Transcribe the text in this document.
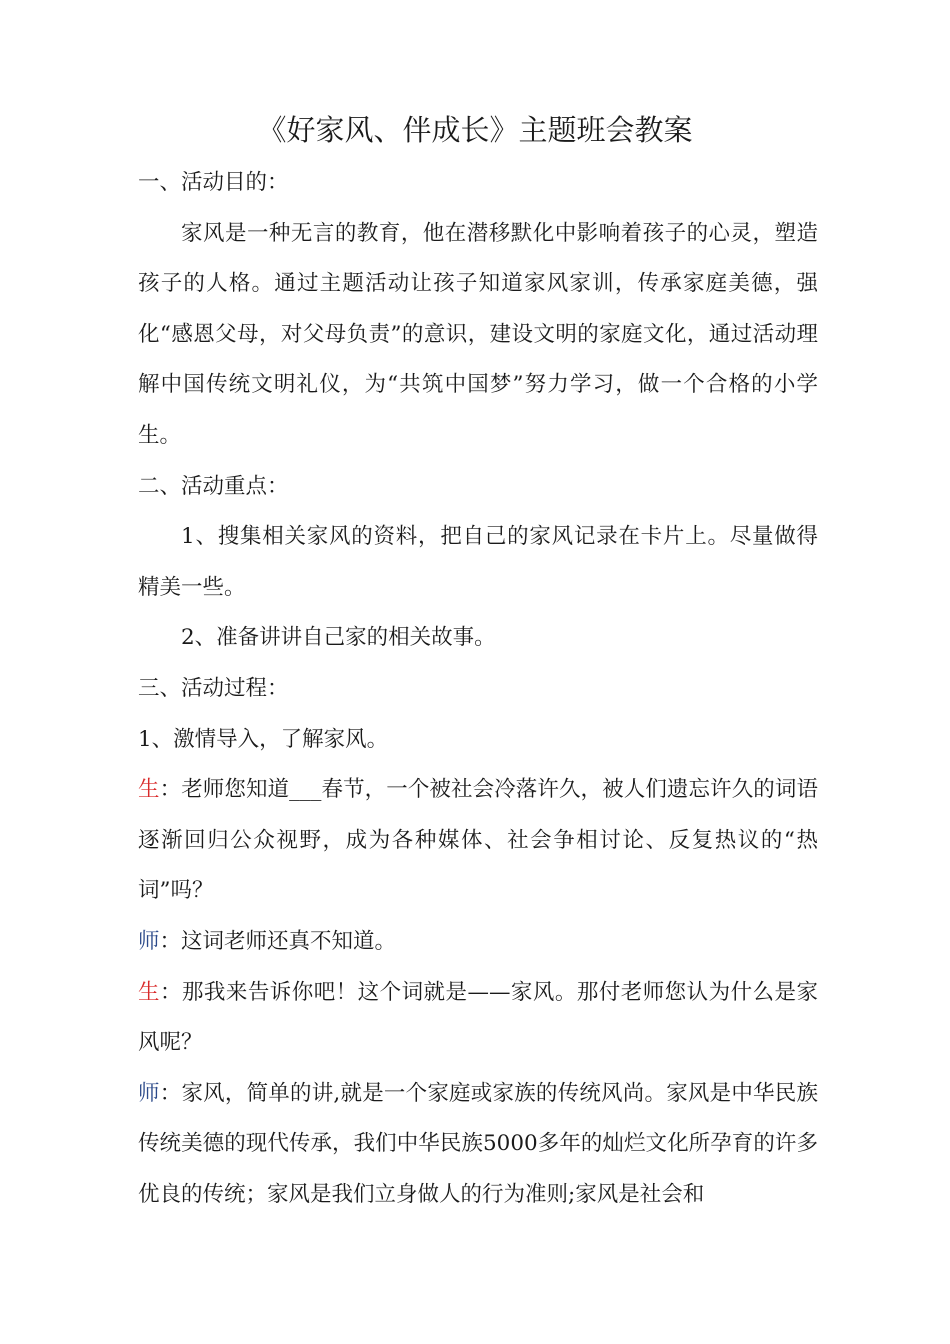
《好家风、伴成长》主题班会教案

一、活动目的：

家风是一种无言的教育，他在潜移默化中影响着孩子的心灵，塑造孩子的人格。通过主题活动让孩子知道家风家训，传承家庭美德，强化“感恩父母，对父母负责”的意识，建设文明的家庭文化，通过活动理解中国传统文明礼仪，为“共筑中国梦”努力学习，做一个合格的小学生。

二、活动重点：

1、搜集相关家风的资料，把自己的家风记录在卡片上。尽量做得精美一些。

2、准备讲讲自己家的相关故事。

三、活动过程：

1、激情导入，了解家风。

生：老师您知道___春节，一个被社会冷落许久，被人们遗忘许久的词语逐渐回归公众视野，成为各种媒体、社会争相讨论、反复热议的“热词”吗？

师：这词老师还真不知道。

生：那我来告诉你吧！这个词就是——家风。那付老师您认为什么是家风呢？

师：家风，简单的讲,就是一个家庭或家族的传统风尚。家风是中华民族传统美德的现代传承，我们中华民族5000多年的灿烂文化所孕育的许多优良的传统；家风是我们立身做人的行为准则;家风是社会和
